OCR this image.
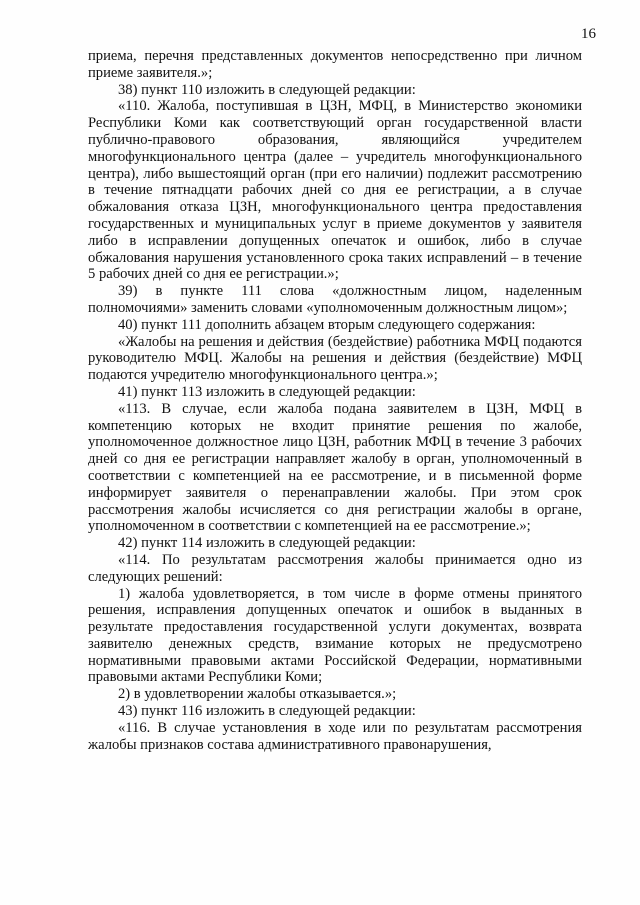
16

приема, перечня представленных документов непосредственно при личном приеме заявителя.»;

38) пункт 110 изложить в следующей редакции:

«110. Жалоба, поступившая в ЦЗН, МФЦ, в Министерство экономики Республики Коми как соответствующий орган государственной власти публично-правового образования, являющийся учредителем многофункционального центра (далее – учредитель многофункционального центра), либо вышестоящий орган (при его наличии) подлежит рассмотрению в течение пятнадцати рабочих дней со дня ее регистрации, а в случае обжалования отказа ЦЗН, многофункционального центра предоставления государственных и муниципальных услуг в приеме документов у заявителя либо в исправлении допущенных опечаток и ошибок, либо в случае обжалования нарушения установленного срока таких исправлений – в течение 5 рабочих дней со дня ее регистрации.»;

39) в пункте 111 слова «должностным лицом, наделенным полномочиями» заменить словами «уполномоченным должностным лицом»;

40) пункт 111 дополнить абзацем вторым следующего содержания:

«Жалобы на решения и действия (бездействие) работника МФЦ подаются руководителю МФЦ. Жалобы на решения и действия (бездействие) МФЦ подаются учредителю многофункционального центра.»;

41) пункт 113 изложить в следующей редакции:

«113. В случае, если жалоба подана заявителем в ЦЗН, МФЦ в компетенцию которых не входит принятие решения по жалобе, уполномоченное должностное лицо ЦЗН, работник МФЦ в течение 3 рабочих дней со дня ее регистрации направляет жалобу в орган, уполномоченный в соответствии с компетенцией на ее рассмотрение, и в письменной форме информирует заявителя о перенаправлении жалобы. При этом срок рассмотрения жалобы исчисляется со дня регистрации жалобы в органе, уполномоченном в соответствии с компетенцией на ее рассмотрение.»;

42) пункт 114 изложить в следующей редакции:

«114. По результатам рассмотрения жалобы принимается одно из следующих решений:

1) жалоба удовлетворяется, в том числе в форме отмены принятого решения, исправления допущенных опечаток и ошибок в выданных в результате предоставления государственной услуги документах, возврата заявителю денежных средств, взимание которых не предусмотрено нормативными правовыми актами Российской Федерации, нормативными правовыми актами Республики Коми;

2) в удовлетворении жалобы отказывается.»;

43) пункт 116 изложить в следующей редакции:

«116. В случае установления в ходе или по результатам рассмотрения жалобы признаков состава административного правонарушения,
